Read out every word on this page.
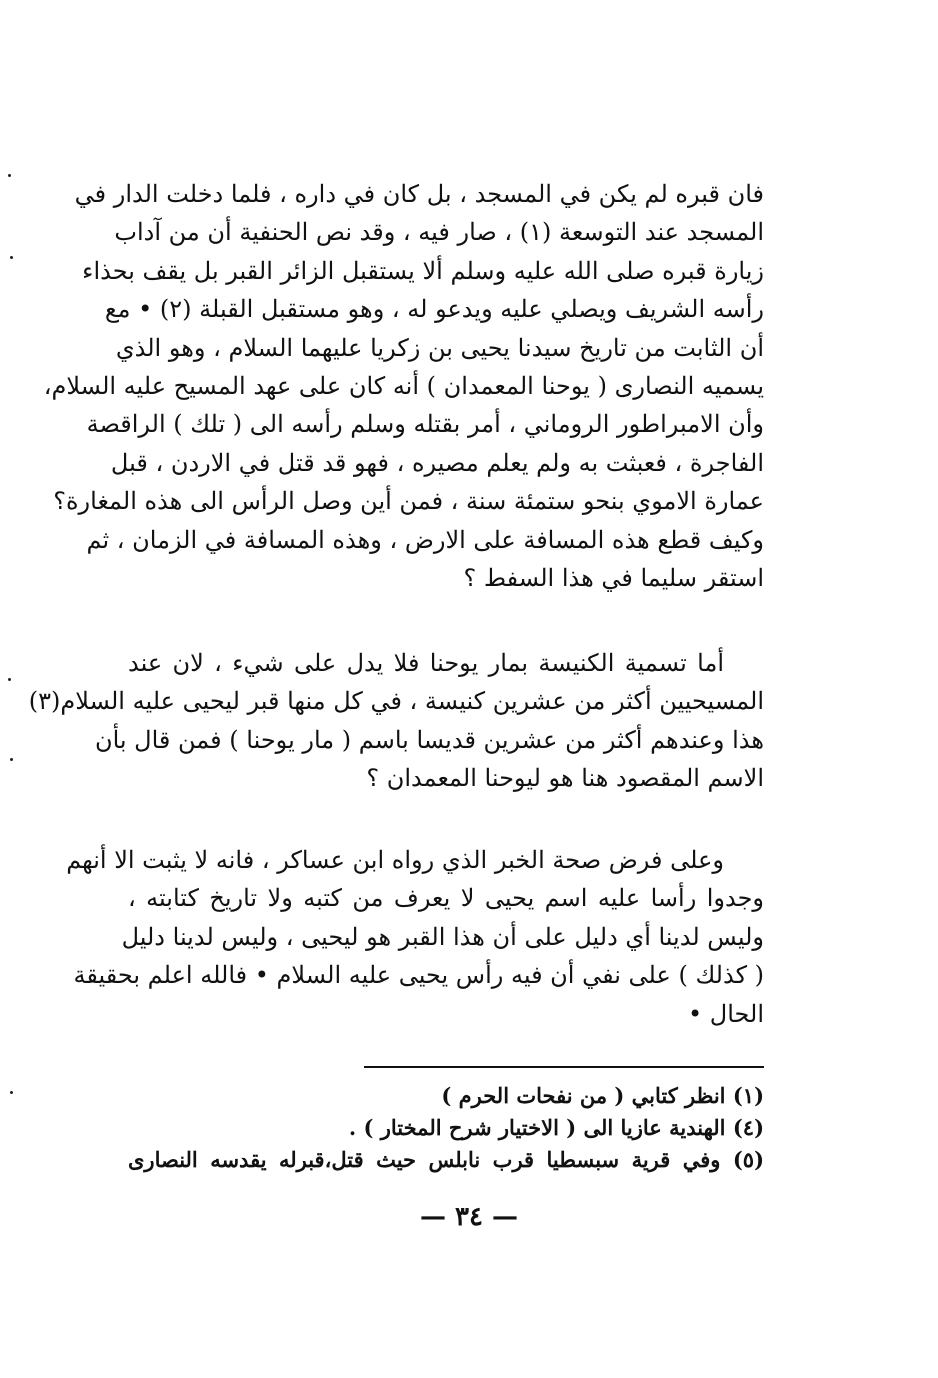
فان قبره لم يكن في المسجد ، بل كان في داره ، فلما دخلت الدار في
المسجد عند التوسعة (١) ، صار فيه ، وقد نص الحنفية أن من آداب
زيارة قبره صلى الله عليه وسلم ألا يستقبل الزائر القبر بل يقف بحذاء
رأسه الشريف ويصلي عليه ويدعو له ، وهو مستقبل القبلة (٢) • مع
أن الثابت من تاريخ سيدنا يحيى بن زكريا عليهما السلام ، وهو الذي
يسميه النصارى ( يوحنا المعمدان ) أنه كان على عهد المسيح عليه السلام،
وأن الامبراطور الروماني ، أمر بقتله وسلم رأسه الى ( تلك ) الراقصة
الفاجرة ، فعبثت به ولم يعلم مصيره ، فهو قد قتل في الاردن ، قبل
عمارة الاموي بنحو ستمئة سنة ، فمن أين وصل الرأس الى هذه المغارة؟
وكيف قطع هذه المسافة على الارض ، وهذه المسافة في الزمان ، ثم
استقر سليما في هذا السفط ؟
أما تسمية الكنيسة بمار يوحنا فلا يدل على شيء ، لان عند
المسيحيين أكثر من عشرين كنيسة ، في كل منها قبر ليحيى عليه السلام(٣)
هذا وعندهم أكثر من عشرين قديسا باسم ( مار يوحنا ) فمن قال بأن
الاسم المقصود هنا هو ليوحنا المعمدان ؟
وعلى فرض صحة الخبر الذي رواه ابن عساكر ، فانه لا يثبت الا أنهم
وجدوا رأسا عليه اسم يحيى لا يعرف من كتبه ولا تاريخ كتابته ،
وليس لدينا أي دليل على أن هذا القبر هو ليحيى ، وليس لدينا دليل
( كذلك ) على نفي أن فيه رأس يحيى عليه السلام • فالله اعلم بحقيقة
الحال •
(١) انظر كتابي ( من نفحات الحرم )
(٤) الهندية عازيا الى ( الاختيار شرح المختار ) .
(٥) وفي قرية سبسطيا قرب نابلس حيث قتل،قبرله يقدسه النصارى
— ٣٤ —
